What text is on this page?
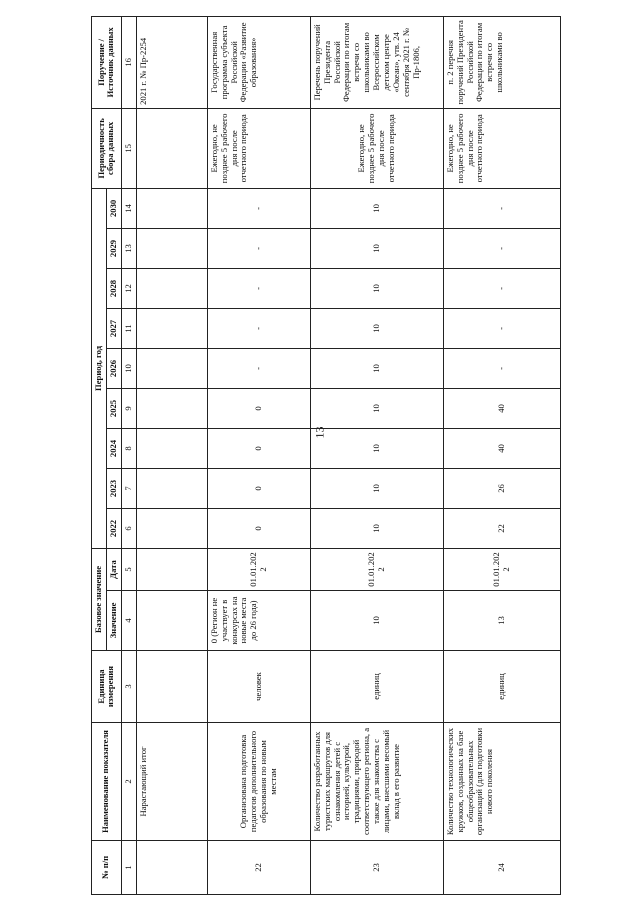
13
№ п/п	Наименование показателя	Единица измерения	Базовое значение		Период, год									Периодичность сбора данных	Поручение / Источник данных
			Значение	Дата	2022	2023	2024	2025	2026	2027	2028	2029	2030		
1	2	3	4	5	6	7	8	9	10	11	12	13	14	15	16
	Нарастающий итог														2021 г. № Пр-2254
22	Организована подготовка педагогов дополнительного образования по новым местам	человек	0 (Регион не участвует в конкурсах на новые места до 26 года)	01.01.2022	0	0	0	0	-	-	-	-	-	Ежегодно, не позднее 5 рабочего дня после отчетного периода	Государственная программа субъекта Российской Федерации «Развитие образования»
23	Количество разработанных туристских маршрутов для ознакомления детей с историей, культурой, традициями, природой соответствующего региона, а также для знакомства с лицами, внесшими весомый вклад в его развитие	единиц	10	01.01.2022	10	10	10	10	10	10	10	10	10	Ежегодно, не позднее 5 рабочего дня после отчетного периода	Перечень поручений Президента Российской Федерации по итогам встречи со школьниками во Всероссийском детском центре «Океан», утв. 24 сентября 2021 г. № Пр-1806,
24	Количество технологических кружков, созданных на базе общеобразовательных организаций (для подготовки нового поколения	единиц	13	01.01.2022	22	26	40	40	-	-	-	-	-	Ежегодно, не позднее 5 рабочего дня после отчетного периода	п. 2 перечня поручений Президента Российской Федерации по итогам встречи со школьниками во
